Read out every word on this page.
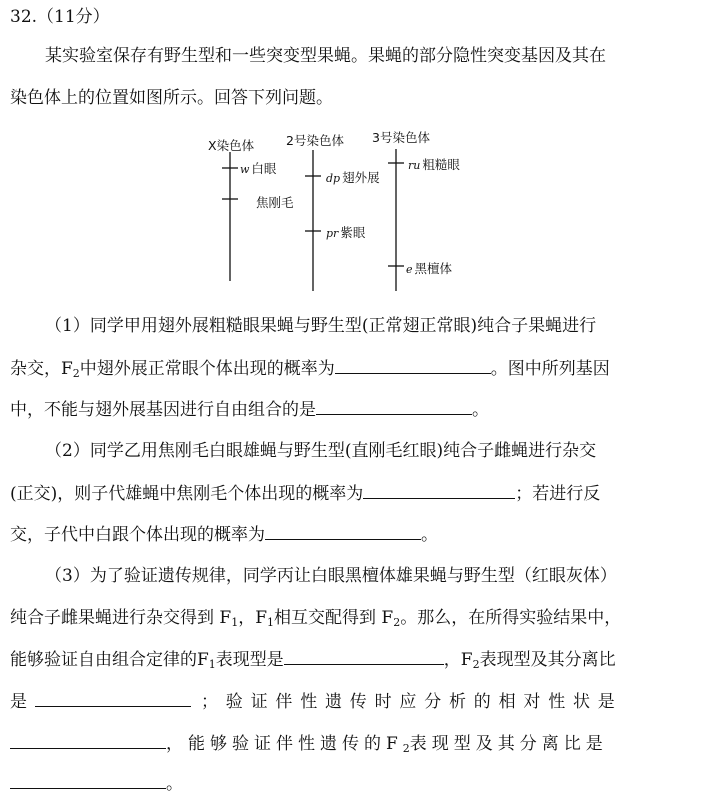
32.（11分）
某实验室保存有野生型和一些突变型果蝇。果蝇的部分隐性突变基因及其在
染色体上的位置如图所示。回答下列问题。
X染色体	2号染色体 3号染色体
w 白眼
焦刚毛
dp 翅外展
pr 紫眼
ru 粗糙眼
e 黑檀体
（1）同学甲用翅外展粗糙眼果蝇与野生型(正常翅正常眼)纯合子果蝇进行
杂交，$F_2$中翅外展正常眼个体出现的概率为	。图中所列基因
中，不能与翅外展基因进行自由组合的是	。
（2）同学乙用焦刚毛白眼雄蝇与野生型(直刚毛红眼)纯合子雌蝇进行杂交
(正交)，则子代雄蝇中焦刚毛个体出现的概率为	；若进行反
交，子代中白跟个体出现的概率为	。
（3）为了验证遗传规律，同学丙让白眼黑檀体雄果蝇与野生型（红眼灰体）
纯合子雌果蝇进行杂交得到 $F_1$，$F_1$相互交配得到 $F_2$。那么，在所得实验结果中，
能够验证自由组合定律的$F_1$表现型是	，$F_2$表现型及其分离比
是	；验证伴性遗传时应分析的相对性状是
，能够验证伴性遗传的$F_2$表现型及其分离比是
。
